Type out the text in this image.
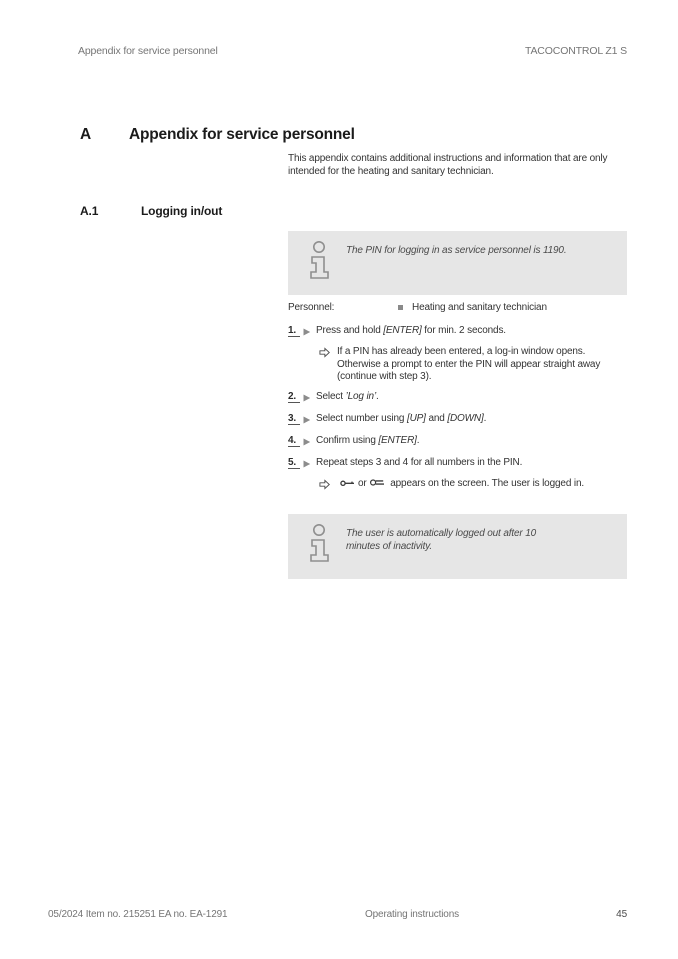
Appendix for service personnel	TACOCONTROL Z1 S
A	Appendix for service personnel
This appendix contains additional instructions and information that are only intended for the heating and sanitary technician.
A.1	Logging in/out
The PIN for logging in as service personnel is 1190.
Personnel:	Heating and sanitary technician
1.	Press and hold [ENTER] for min. 2 seconds.
If a PIN has already been entered, a log-in window opens. Otherwise a prompt to enter the PIN will appear straight away (continue with step 3).
2.	Select ’Log in’.
3.	Select number using [UP] and [DOWN].
4.	Confirm using [ENTER].
5.	Repeat steps 3 and 4 for all numbers in the PIN.
or appears on the screen. The user is logged in.
The user is automatically logged out after 10 minutes of inactivity.
05/2024 Item no. 215251 EA no. EA-1291	Operating instructions	45
